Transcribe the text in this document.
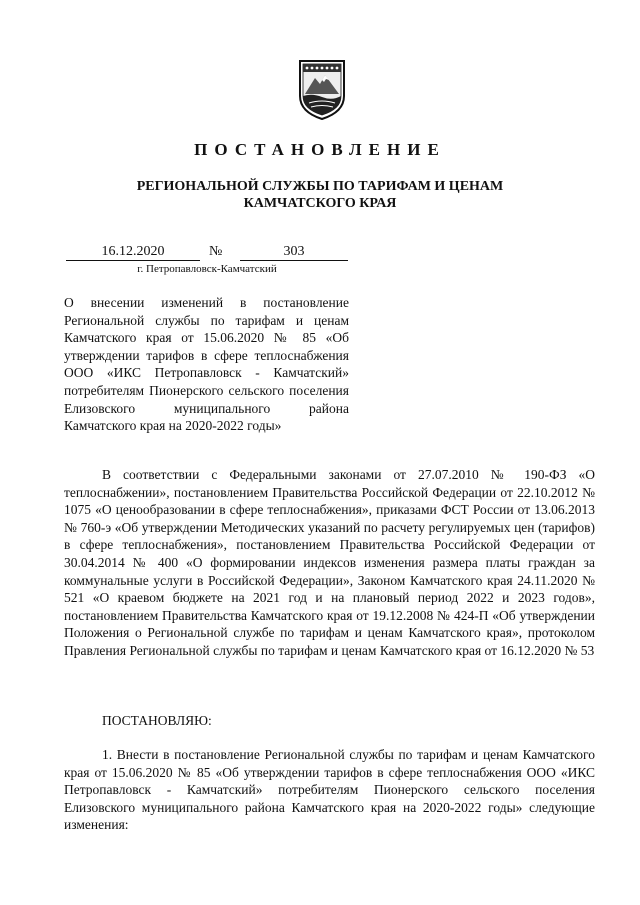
ПОСТАНОВЛЕНИЕ
РЕГИОНАЛЬНОЙ СЛУЖБЫ ПО ТАРИФАМ И ЦЕНАМ
КАМЧАТСКОГО КРАЯ
16.12.2020	№	303
г. Петропавловск-Камчатский
О внесении изменений в постановление Региональной службы по тарифам и ценам Камчатского края от 15.06.2020 № 85 «Об утверждении тарифов в сфере теплоснабжения ООО «ИКС Петропавловск - Камчатский» потребителям Пионерского сельского поселения Елизовского муниципального района Камчатского края на 2020-2022 годы»
В соответствии с Федеральными законами от 27.07.2010 № 190-ФЗ «О теплоснабжении», постановлением Правительства Российской Федерации от 22.10.2012 № 1075 «О ценообразовании в сфере теплоснабжения», приказами ФСТ России от 13.06.2013 № 760-э «Об утверждении Методических указаний по расчету регулируемых цен (тарифов) в сфере теплоснабжения», постановлением Правительства Российской Федерации от 30.04.2014 № 400 «О формировании индексов изменения размера платы граждан за коммунальные услуги в Российской Федерации», Законом Камчатского края 24.11.2020 № 521 «О краевом бюджете на 2021 год и на плановый период 2022 и 2023 годов», постановлением Правительства Камчатского края от 19.12.2008 № 424-П «Об утверждении Положения о Региональной службе по тарифам и ценам Камчатского края», протоколом Правления Региональной службы по тарифам и ценам Камчатского края от 16.12.2020 № 53
ПОСТАНОВЛЯЮ:
1. Внести в постановление Региональной службы по тарифам и ценам Камчатского края от 15.06.2020 № 85 «Об утверждении тарифов в сфере теплоснабжения ООО «ИКС Петропавловск - Камчатский» потребителям Пионерского сельского поселения Елизовского муниципального района Камчатского края на 2020-2022 годы» следующие изменения:
